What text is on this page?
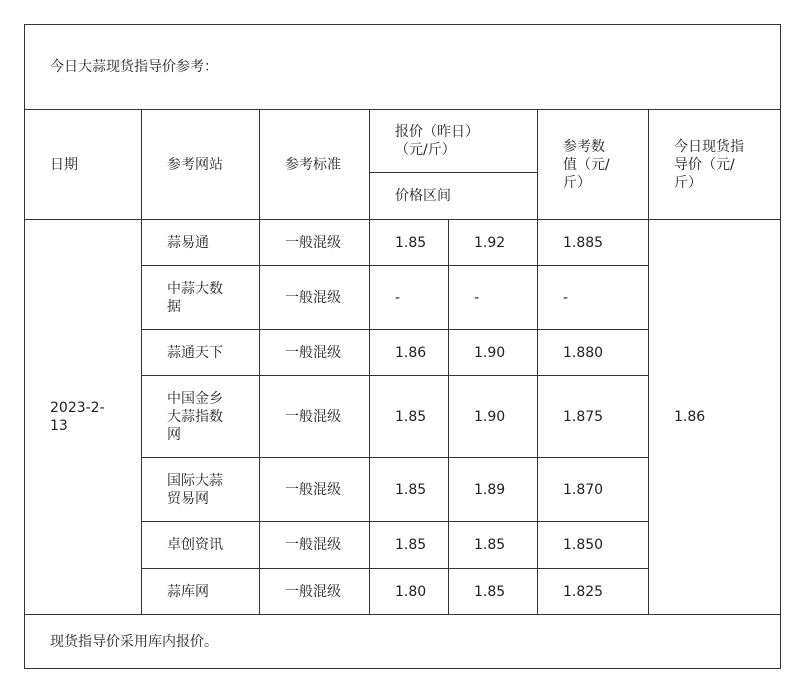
今日大蒜现货指导价参考：						
日期	参考网站	参考标准	报价（昨日）（元/斤）		参考数值（元/斤）	今日现货指导价（元/斤）
			价格区间			
2023-2-13	蒜易通	一般混级	1.85	1.92	1.885	1.86
	中蒜大数据	一般混级	-	-	-	
	蒜通天下	一般混级	1.86	1.90	1.880	
	中国金乡大蒜指数网	一般混级	1.85	1.90	1.875	
	国际大蒜贸易网	一般混级	1.85	1.89	1.870	
	卓创资讯	一般混级	1.85	1.85	1.850	
	蒜库网	一般混级	1.80	1.85	1.825	
现货指导价采用库内报价。						
